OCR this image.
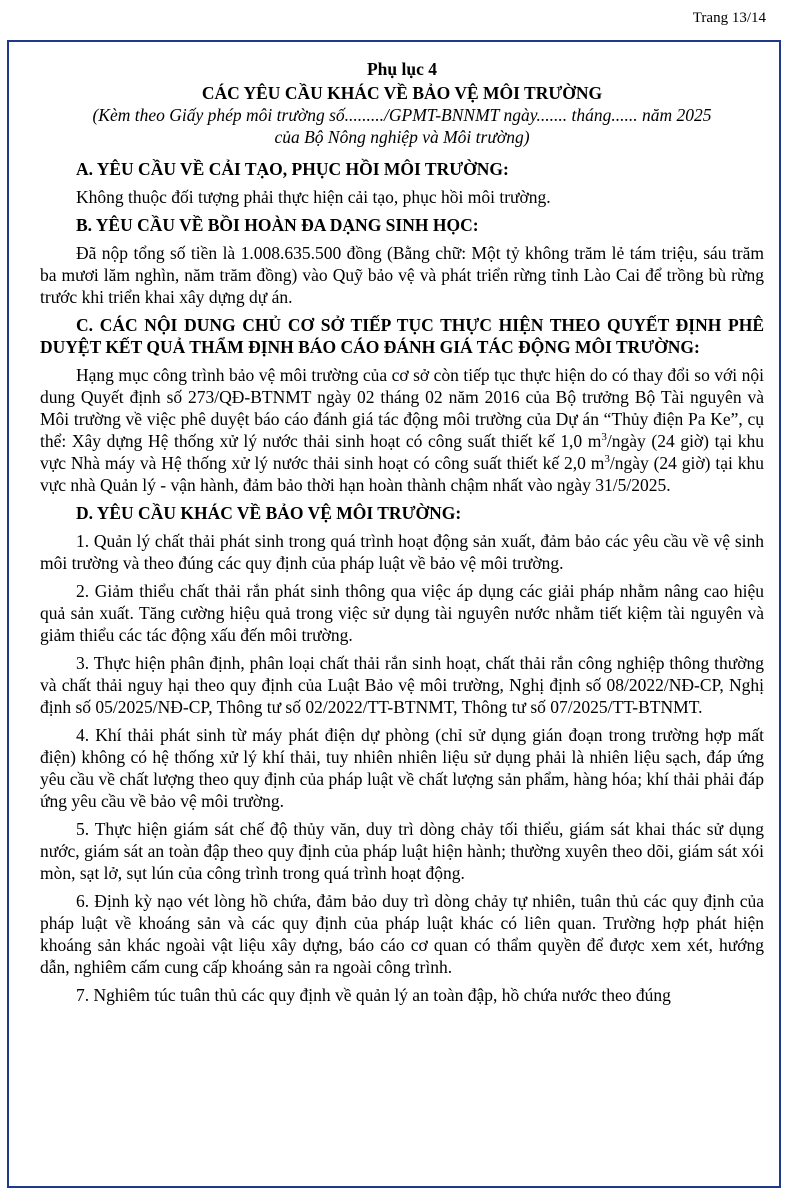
Trang 13/14

Phụ lục 4

CÁC YÊU CẦU KHÁC VỀ BẢO VỆ MÔI TRƯỜNG

(Kèm theo Giấy phép môi trường số........./GPMT-BNNMT ngày....... tháng...... năm 2025

của Bộ Nông nghiệp và Môi trường)

A. YÊU CẦU VỀ CẢI TẠO, PHỤC HỒI MÔI TRƯỜNG:

Không thuộc đối tượng phải thực hiện cải tạo, phục hồi môi trường.

B. YÊU CẦU VỀ BỒI HOÀN ĐA DẠNG SINH HỌC:

Đã nộp tổng số tiền là 1.008.635.500 đồng (Bằng chữ: Một tỷ không trăm lẻ tám triệu, sáu trăm ba mươi lăm nghìn, năm trăm đồng) vào Quỹ bảo vệ và phát triển rừng tỉnh Lào Cai để trồng bù rừng trước khi triển khai xây dựng dự án.

C. CÁC NỘI DUNG CHỦ CƠ SỞ TIẾP TỤC THỰC HIỆN THEO QUYẾT ĐỊNH PHÊ DUYỆT KẾT QUẢ THẨM ĐỊNH BÁO CÁO ĐÁNH GIÁ TÁC ĐỘNG MÔI TRƯỜNG:

Hạng mục công trình bảo vệ môi trường của cơ sở còn tiếp tục thực hiện do có thay đổi so với nội dung Quyết định số 273/QĐ-BTNMT ngày 02 tháng 02 năm 2016 của Bộ trưởng Bộ Tài nguyên và Môi trường về việc phê duyệt báo cáo đánh giá tác động môi trường của Dự án “Thủy điện Pa Ke”, cụ thể: Xây dựng Hệ thống xử lý nước thải sinh hoạt có công suất thiết kế 1,0 $m^3$/ngày (24 giờ) tại khu vực Nhà máy và Hệ thống xử lý nước thải sinh hoạt có công suất thiết kế 2,0 $m^3$/ngày (24 giờ) tại khu vực nhà Quản lý - vận hành, đảm bảo thời hạn hoàn thành chậm nhất vào ngày 31/5/2025.

D. YÊU CẦU KHÁC VỀ BẢO VỆ MÔI TRƯỜNG:

1. Quản lý chất thải phát sinh trong quá trình hoạt động sản xuất, đảm bảo các yêu cầu về vệ sinh môi trường và theo đúng các quy định của pháp luật về bảo vệ môi trường.

2. Giảm thiểu chất thải rắn phát sinh thông qua việc áp dụng các giải pháp nhằm nâng cao hiệu quả sản xuất. Tăng cường hiệu quả trong việc sử dụng tài nguyên nước nhằm tiết kiệm tài nguyên và giảm thiểu các tác động xấu đến môi trường.

3. Thực hiện phân định, phân loại chất thải rắn sinh hoạt, chất thải rắn công nghiệp thông thường và chất thải nguy hại theo quy định của Luật Bảo vệ môi trường, Nghị định số 08/2022/NĐ-CP, Nghị định số 05/2025/NĐ-CP, Thông tư số 02/2022/TT-BTNMT, Thông tư số 07/2025/TT-BTNMT.

4. Khí thải phát sinh từ máy phát điện dự phòng (chỉ sử dụng gián đoạn trong trường hợp mất điện) không có hệ thống xử lý khí thải, tuy nhiên nhiên liệu sử dụng phải là nhiên liệu sạch, đáp ứng yêu cầu về chất lượng theo quy định của pháp luật về chất lượng sản phẩm, hàng hóa; khí thải phải đáp ứng yêu cầu về bảo vệ môi trường.

5. Thực hiện giám sát chế độ thủy văn, duy trì dòng chảy tối thiểu, giám sát khai thác sử dụng nước, giám sát an toàn đập theo quy định của pháp luật hiện hành; thường xuyên theo dõi, giám sát xói mòn, sạt lở, sụt lún của công trình trong quá trình hoạt động.

6. Định kỳ nạo vét lòng hồ chứa, đảm bảo duy trì dòng chảy tự nhiên, tuân thủ các quy định của pháp luật về khoáng sản và các quy định của pháp luật khác có liên quan. Trường hợp phát hiện khoáng sản khác ngoài vật liệu xây dựng, báo cáo cơ quan có thẩm quyền để được xem xét, hướng dẫn, nghiêm cấm cung cấp khoáng sản ra ngoài công trình.

7. Nghiêm túc tuân thủ các quy định về quản lý an toàn đập, hồ chứa nước theo đúng
